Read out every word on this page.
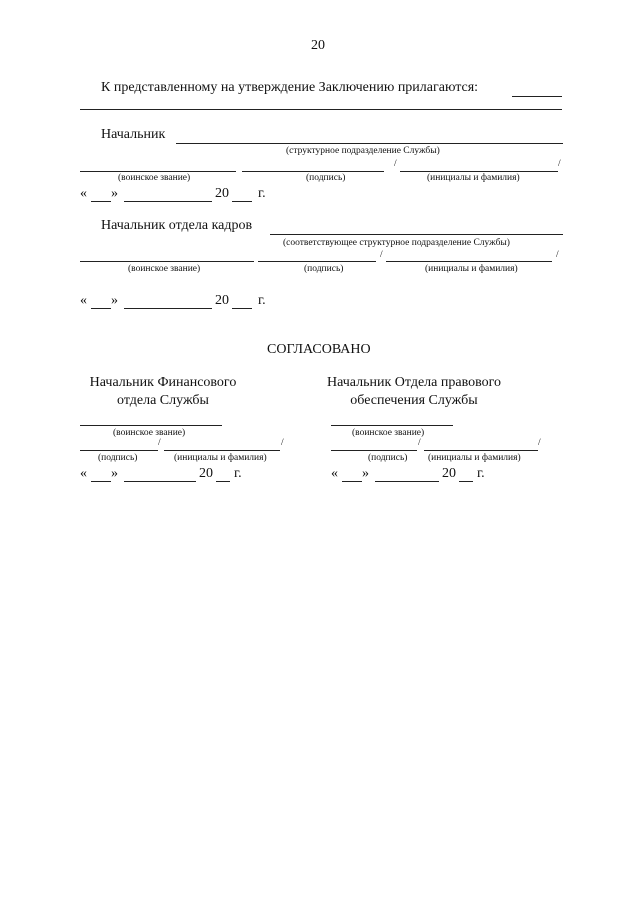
20
К представленному на утверждение Заключению прилагаются:
Начальник
(структурное подразделение Службы)
/	/
(воинское звание)	(подпись)	(инициалы и фамилия)
« »	20 г.
Начальник отдела кадров
(соответствующее структурное подразделение Службы)
/	/
(воинское звание)	(подпись)	(инициалы и фамилия)
« »	20 г.
СОГЛАСОВАНО
Начальник Финансового
отдела Службы
(воинское звание)
/	/
(подпись)	(инициалы и фамилия)
« »	20 г.
Начальник Отдела правового
обеспечения Службы
(воинское звание)
/	/
(подпись) (инициалы и фамилия)
« »	20 г.
